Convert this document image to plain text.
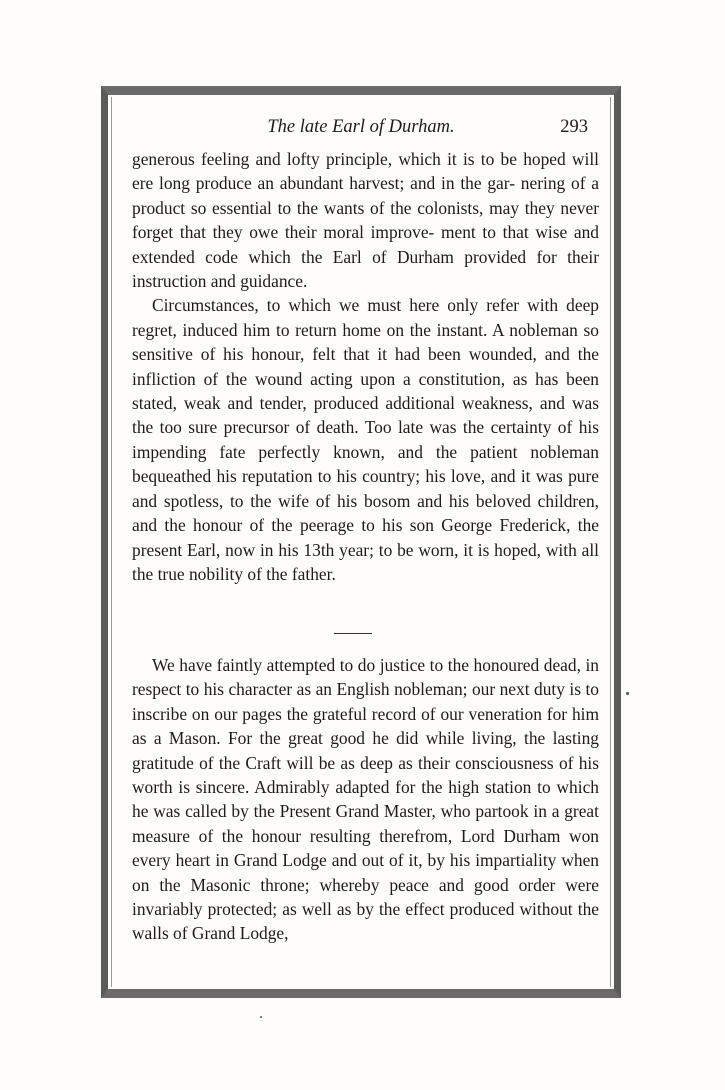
The late Earl of Durham.	293

generous feeling and lofty principle, which it is to be hoped will ere long produce an abundant harvest; and in the gar- nering of a product so essential to the wants of the colonists, may they never forget that they owe their moral improve- ment to that wise and extended code which the Earl of Durham provided for their instruction and guidance.

Circumstances, to which we must here only refer with deep regret, induced him to return home on the instant. A nobleman so sensitive of his honour, felt that it had been wounded, and the infliction of the wound acting upon a constitution, as has been stated, weak and tender, produced additional weakness, and was the too sure precursor of death. Too late was the certainty of his impending fate perfectly known, and the patient nobleman bequeathed his reputation to his country; his love, and it was pure and spotless, to the wife of his bosom and his beloved children, and the honour of the peerage to his son George Frederick, the present Earl, now in his 13th year; to be worn, it is hoped, with all the true nobility of the father.

We have faintly attempted to do justice to the honoured dead, in respect to his character as an English nobleman; our next duty is to inscribe on our pages the grateful record of our veneration for him as a Mason. For the great good he did while living, the lasting gratitude of the Craft will be as deep as their consciousness of his worth is sincere. Admirably adapted for the high station to which he was called by the Present Grand Master, who partook in a great measure of the honour resulting therefrom, Lord Durham won every heart in Grand Lodge and out of it, by his impartiality when on the Masonic throne; whereby peace and good order were invariably protected; as well as by the effect produced without the walls of Grand Lodge,
